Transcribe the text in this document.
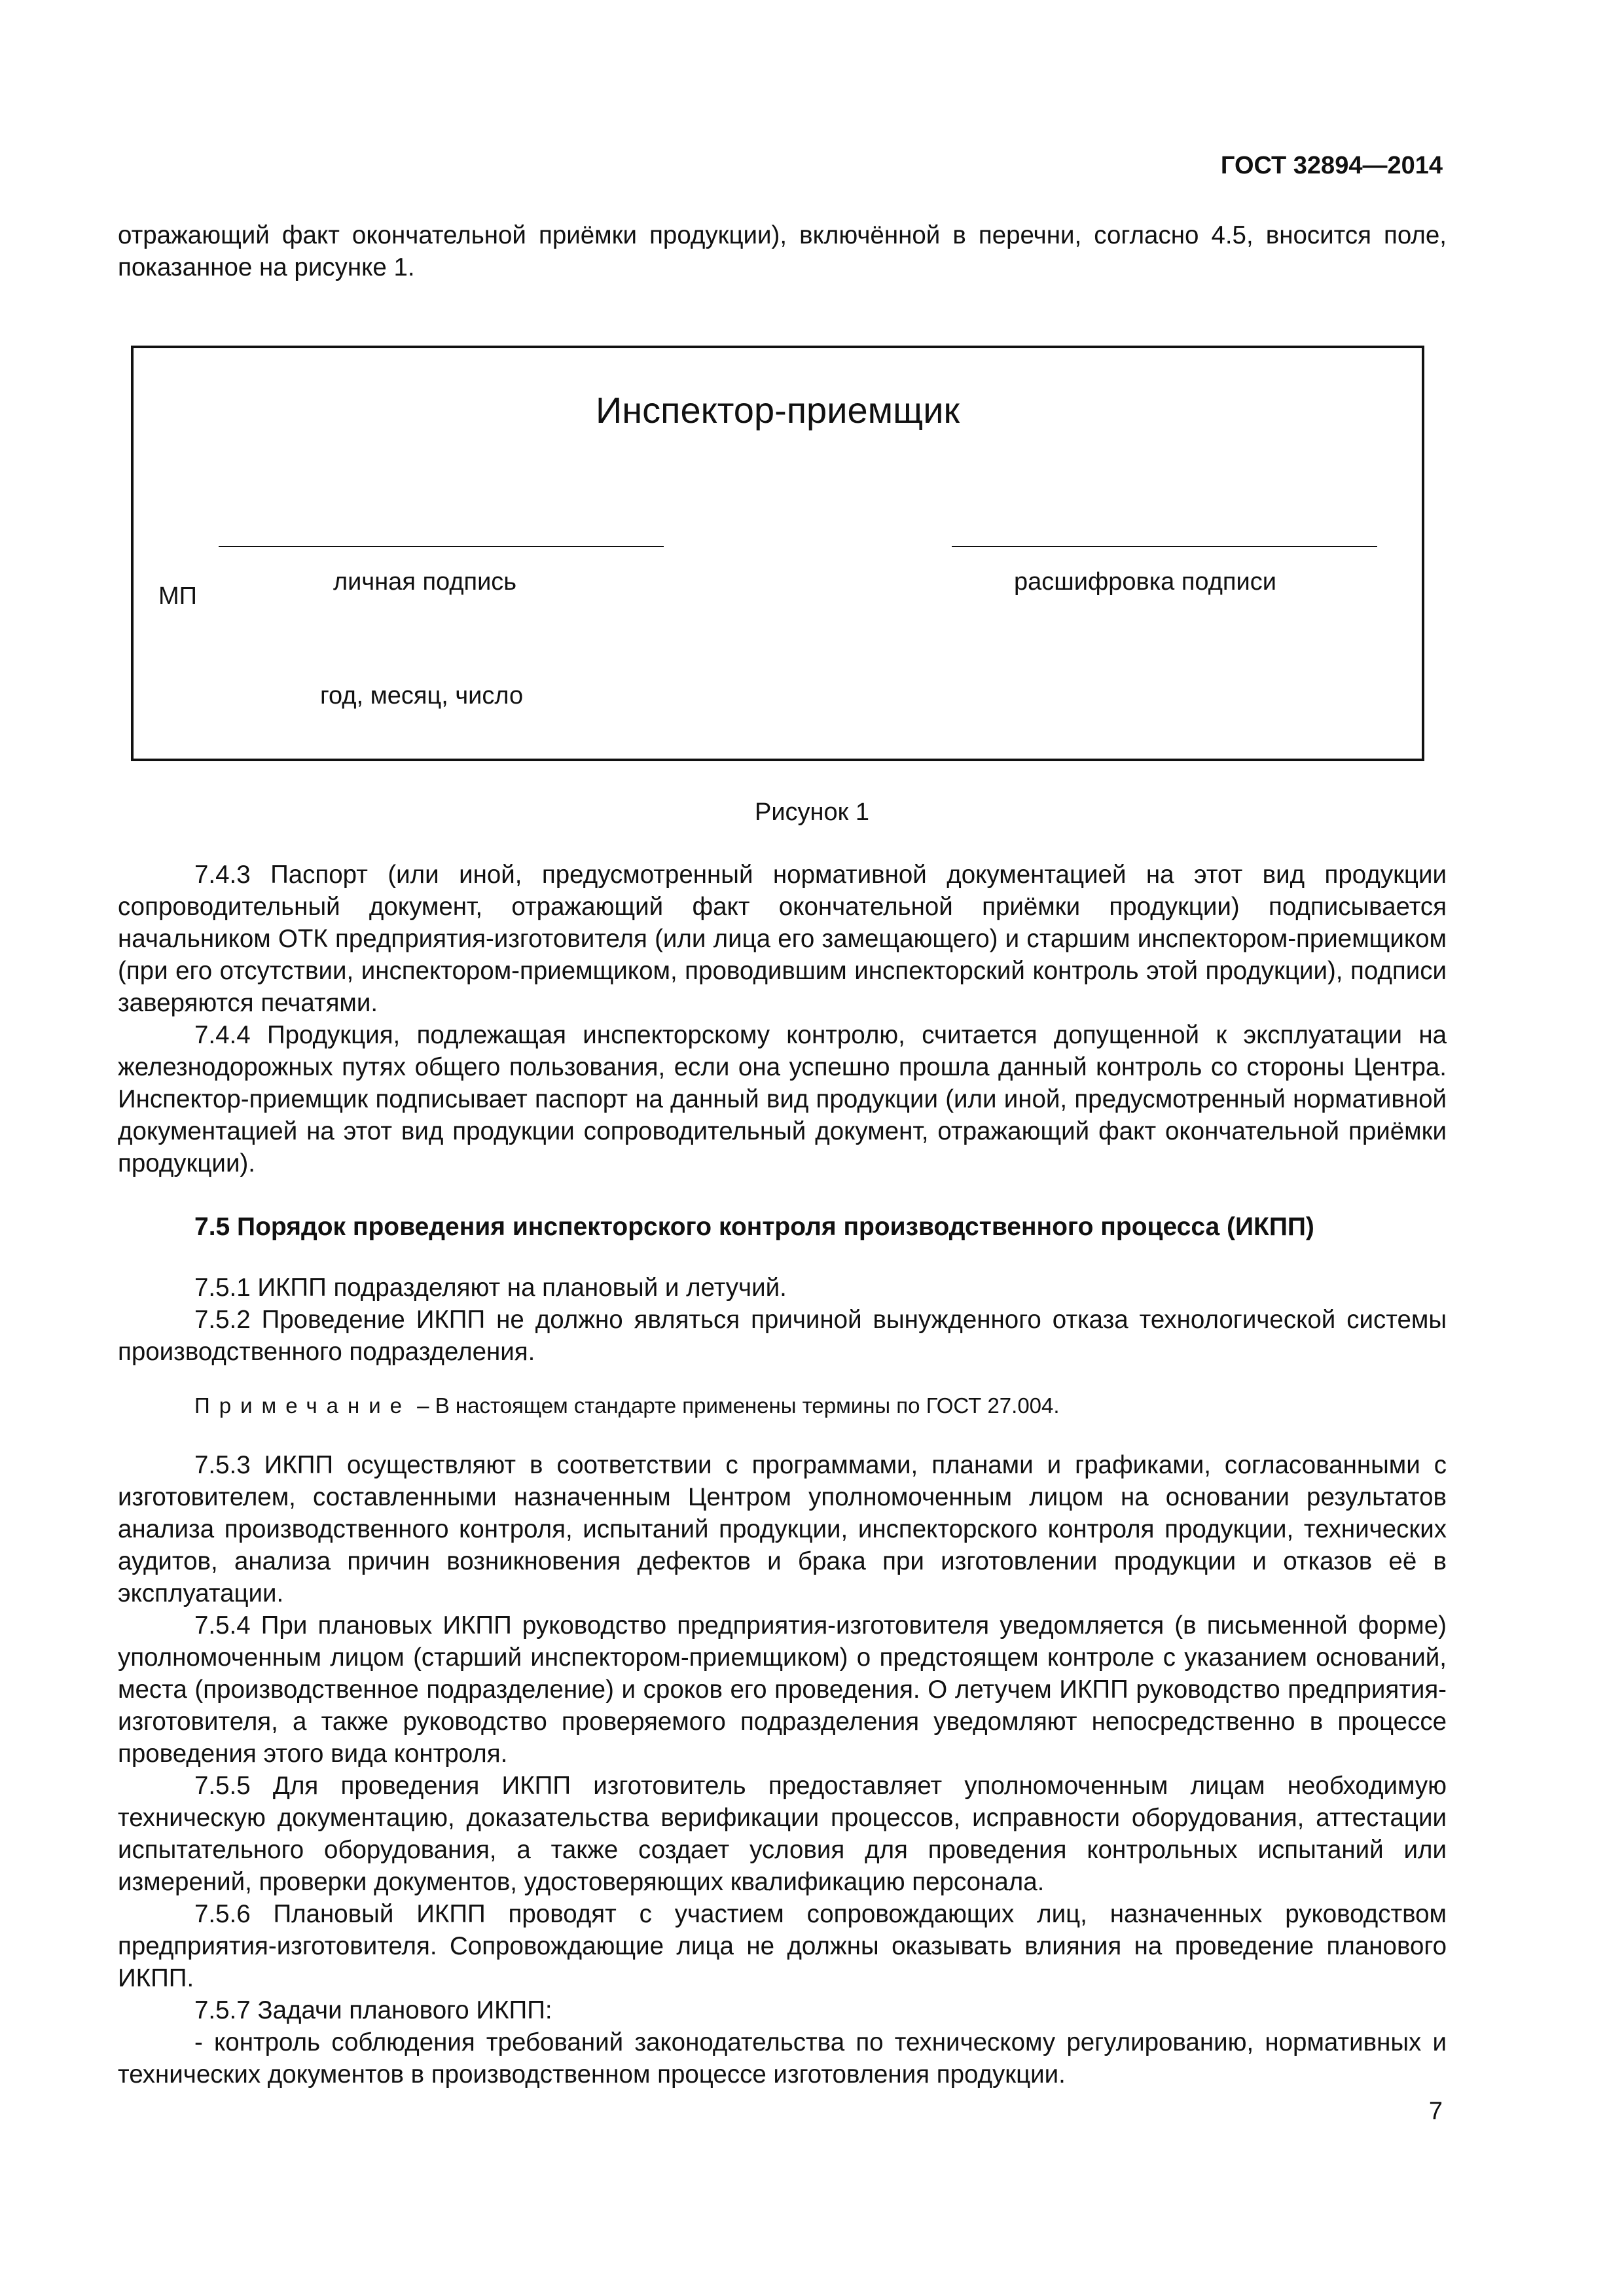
ГОСТ 32894—2014

отражающий факт окончательной приёмки продукции), включённой в перечни, согласно 4.5, вносится поле, показанное на рисунке 1.

Инспектор-приемщик
МП
личная подпись	расшифровка подписи
год, месяц, число
Рисунок 1

7.4.3 Паспорт (или иной, предусмотренный нормативной документацией на этот вид продукции сопроводительный документ, отражающий факт окончательной приёмки продукции) подписывается начальником ОТК предприятия-изготовителя (или лица его замещающего) и старшим инспектором-приемщиком (при его отсутствии, инспектором-приемщиком, проводившим инспекторский контроль этой продукции), подписи заверяются печатями.

7.4.4 Продукция, подлежащая инспекторскому контролю, считается допущенной к эксплуатации на железнодорожных путях общего пользования, если она успешно прошла данный контроль со стороны Центра. Инспектор-приемщик подписывает паспорт на данный вид продукции (или иной, предусмотренный нормативной документацией на этот вид продукции сопроводительный документ, отражающий факт окончательной приёмки продукции).

7.5 Порядок проведения инспекторского контроля производственного процесса (ИКПП)

7.5.1 ИКПП подразделяют на плановый и летучий.

7.5.2 Проведение ИКПП не должно являться причиной вынужденного отказа технологической системы производственного подразделения.

Примечание – В настоящем стандарте применены термины по ГОСТ 27.004.

7.5.3 ИКПП осуществляют в соответствии с программами, планами и графиками, согласованными с изготовителем, составленными назначенным Центром уполномоченным лицом на основании результатов анализа производственного контроля, испытаний продукции, инспекторского контроля продукции, технических аудитов, анализа причин возникновения дефектов и брака при изготовлении продукции и отказов её в эксплуатации.

7.5.4 При плановых ИКПП руководство предприятия-изготовителя уведомляется (в письменной форме) уполномоченным лицом (старший инспектором-приемщиком) о предстоящем контроле с указанием оснований, места (производственное подразделение) и сроков его проведения. О летучем ИКПП руководство предприятия-изготовителя, а также руководство проверяемого подразделения уведомляют непосредственно в процессе проведения этого вида контроля.

7.5.5 Для проведения ИКПП изготовитель предоставляет уполномоченным лицам необходимую техническую документацию, доказательства верификации процессов, исправности оборудования, аттестации испытательного оборудования, а также создает условия для проведения контрольных испытаний или измерений, проверки документов, удостоверяющих квалификацию персонала.

7.5.6 Плановый ИКПП проводят с участием сопровождающих лиц, назначенных руководством предприятия-изготовителя. Сопровождающие лица не должны оказывать влияния на проведение планового ИКПП.

7.5.7 Задачи планового ИКПП:

- контроль соблюдения требований законодательства по техническому регулированию, нормативных и технических документов в производственном процессе изготовления продукции.

7
